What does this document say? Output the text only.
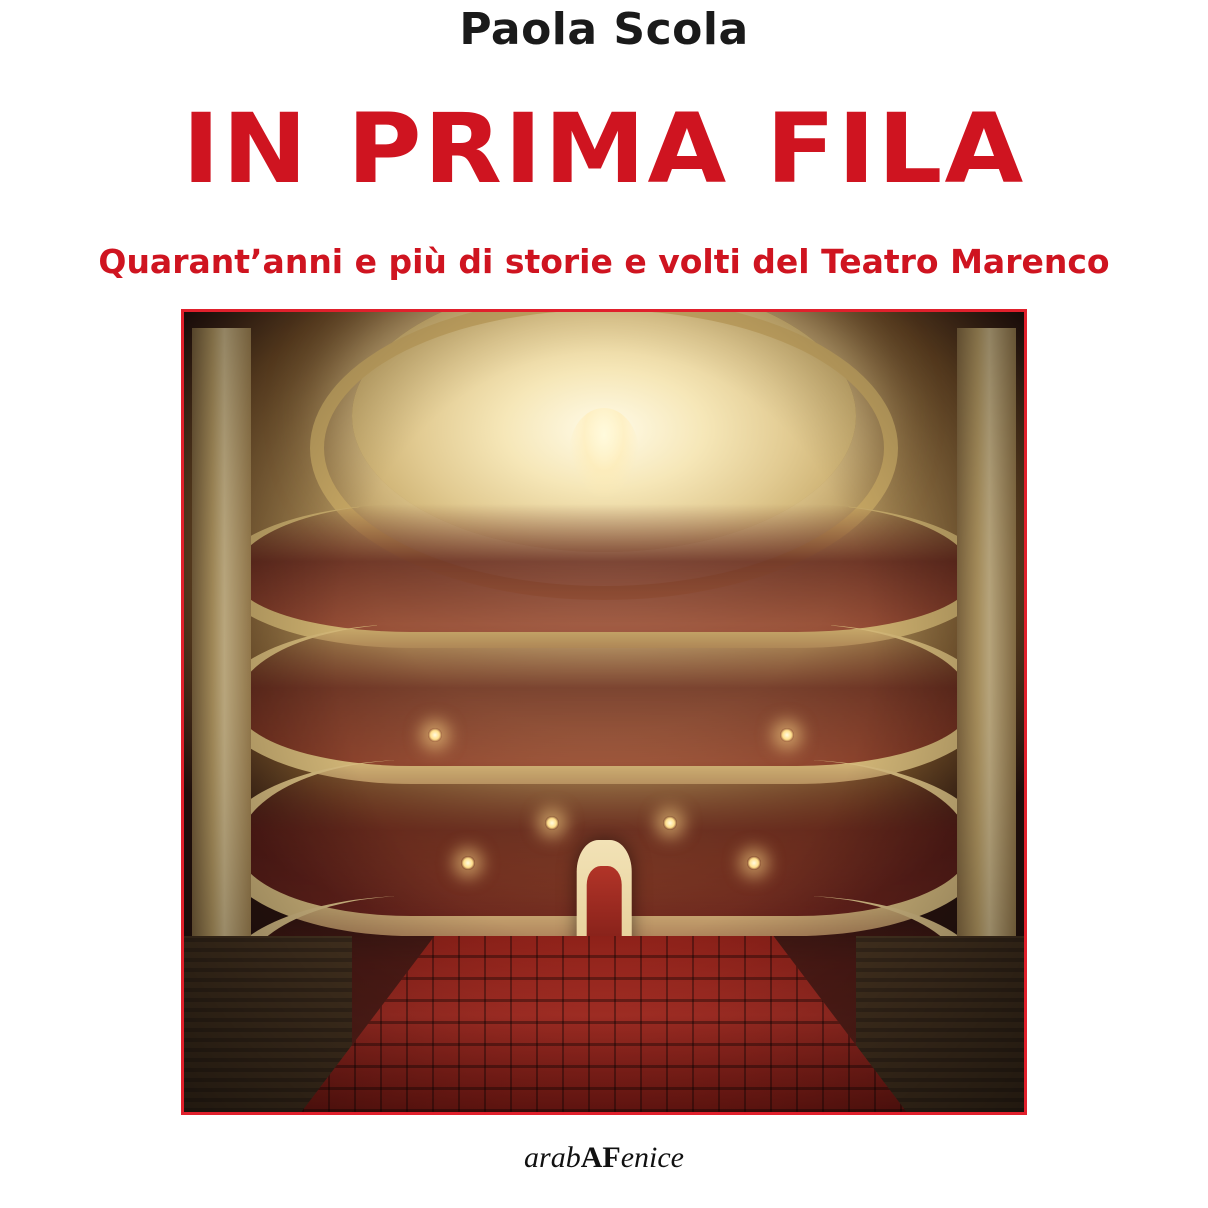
Paola Scola
IN PRIMA FILA
Quarant’anni e più di storie e volti del Teatro Marenco
arabAFenice
